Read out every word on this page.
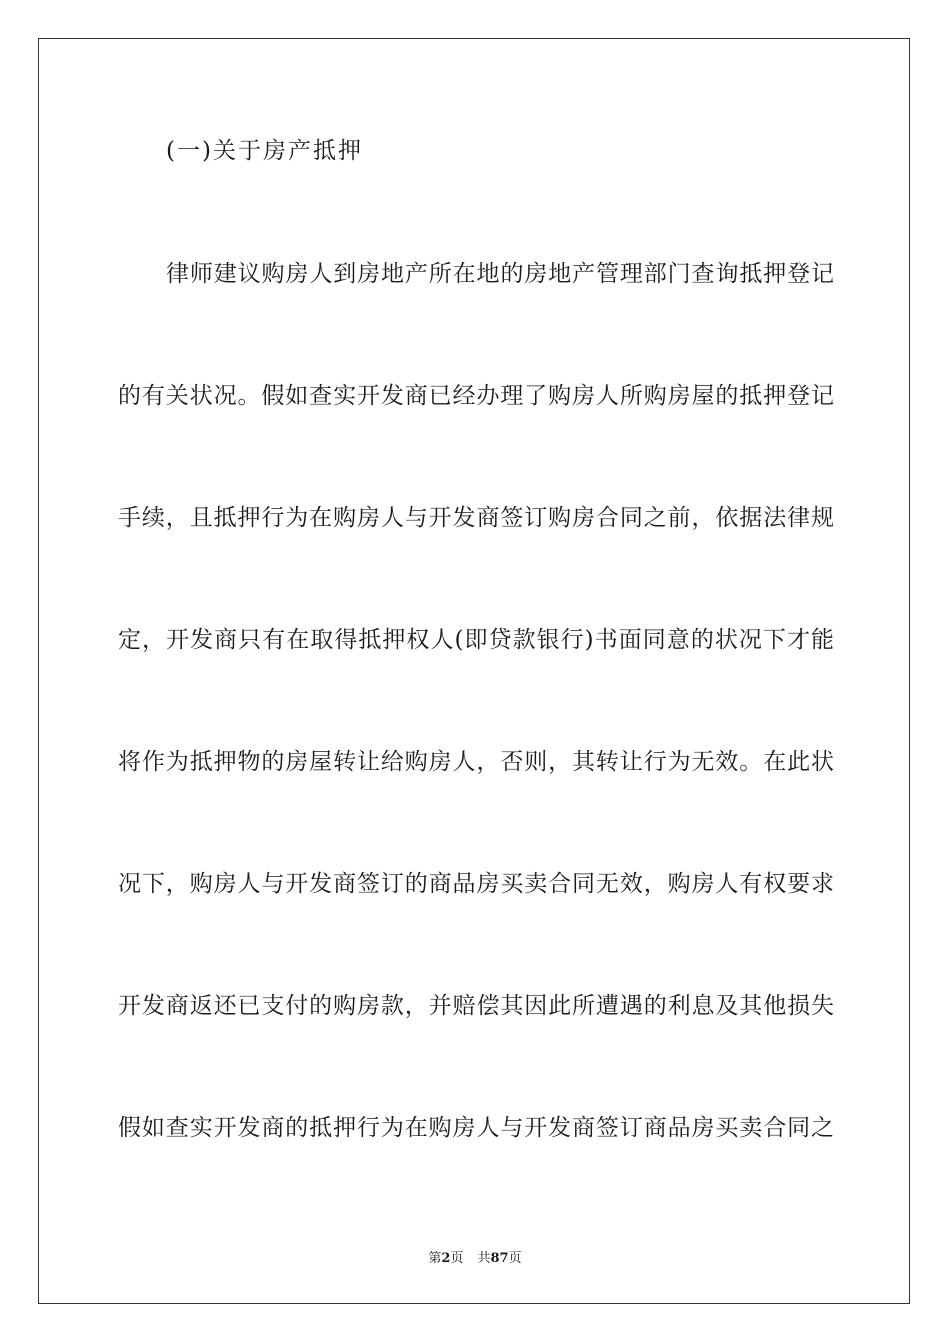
(一)关于房产抵押
律师建议购房人到房地产所在地的房地产管理部门查询抵押登记
的有关状况。假如查实开发商已经办理了购房人所购房屋的抵押登记
手续，且抵押行为在购房人与开发商签订购房合同之前，依据法律规
定，开发商只有在取得抵押权人(即贷款银行)书面同意的状况下才能
将作为抵押物的房屋转让给购房人，否则，其转让行为无效。在此状
况下，购房人与开发商签订的商品房买卖合同无效，购房人有权要求
开发商返还已支付的购房款，并赔偿其因此所遭遇的利息及其他损失
假如查实开发商的抵押行为在购房人与开发商签订商品房买卖合同之
第2页 共87页
